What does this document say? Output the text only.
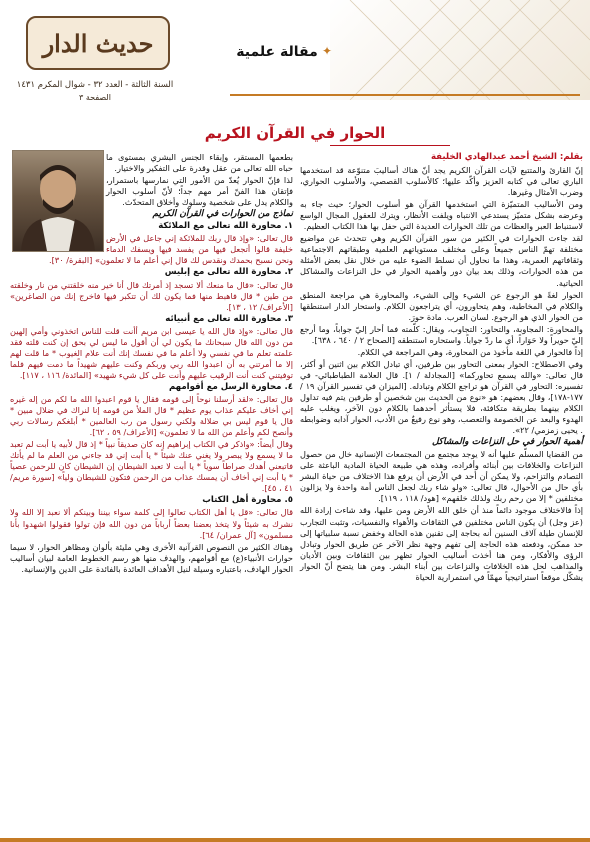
حديث الدار
السنة الثالثة - العدد ٣٢ - شوال المكرم ١٤٣١
الصفحة ٣
مقالة علمية ✦
الحوار في القرآن الكريم

بقلم: الشيخ أحمد عبدالهادي الخليفة

إنّ القارئ والمتتبع لآيات القرآن الكريم يجد أنّ هناك أساليبَ متنوّعة قد استخدمها الباري تعالى في كتابه العزيز وأكّد عليها؛ كالأسلوب القصصي، والأسلوب الحواري، وضرب الأمثال وغيرها.

ومن الأساليب المتميّزة التي استخدمها القرآن هو أسلوب الحوار؛ حيث جاء به وعرضه بشكل متميّز يستدعي الانتباه ويلفت الأنظار، ويترك للعقول المجال الواسع لاستنباط العبر والعظات من تلك الحوارات العديدة التي حفل بها هذا الكتاب العظيم.

لقد جاءت الحوارات في الكثير من سور القرآن الكريم وهي تتحدث عن مواضيع مختلفة تهمّ الناس جميعاً وعلى مختلف مستوياتهم العلمية وطبقاتهم الاجتماعية وثقافاتهم العمرية، وهذا ما نحاول أن نسلط الضوء عليه من خلال نقل بعض الأمثلة من هذه الحوارات، وذلك بعد بيان دور وأهمية الحوار في حل النزاعات والمشاكل الحياتية.

الحوار لغةً هو الرجوع عن الشيء وإلى الشيء، والمحاورة هي مراجعة المنطق والكلام في المخاطبة، وهم يتحاورون، أي يتراجعون الكلام. واستحار الدار استنطقها من الحوار الذي هو الرجوع. لسان العرب. مادة حورَ.

والمحاورة: المجاوبة، والتحاور: التجاوب، ويقال: كلّمته فما أحار إليّ جواباً، وما أرجع إليّ حويراً ولا حَوَاراً، أي ما ردّ جواباً. واستحاره استنطقه [الصحاح ٢ / ٦٤٠ ، ٦٣٨].

إذاً فالحوار في اللغة مأخوذ من المحاورة، وهي المراجعة في الكلام.

وفي الاصطلاح: الحوار بمعنى التحاور بين طرفين، أي تبادل الكلام بين اثنين أو أكثر، قال تعالى: «والله يسمع تحاوركما» [المجادلة / ١]. قال العلامة الطباطبائي- في تفسيره: التحاور في القرآن هو تراجع الكلام وتبادله. [الميزان في تفسير القرآن ١٩ / ١٧٧-١٧٨]، وقال بعضهم: هو «نوع من الحديث بين شخصين أو طرفين يتم فيه تداول الكلام بينهما بطريقة متكافئة، فلا يستأثر أحدهما بالكلام دون الآخر، ويغلب عليه الهدوء والبعد عن الخصومة والتعصب، وهو نوع رفيعٌ من الأدب، الحوار آدابه وضوابطه . يحيى زمزمي/ ٢٢».

أهمية الحوار في حل النزاعات والمشاكل

من القضايا المسلّم عليها أنه لا يوجد مجتمع من المجتمعات الإنسانية خال من حصول النزاعات والخلافات بين أبنائه وأفراده، وهذه هي طبيعة الحياة المادية الباعثة على التصادم والتزاحم، ولا يمكن أن أحد في الأرض أن يرفع هذا الاختلاف من حياة البشر بأي حال من الأحوال، قال تعالى: «ولو شاء ربك لجعل الناس أمة واحدة ولا يزالون مختلفين * إلا من رحم ربك ولذلك خلقهم» [هود/ ١١٨ ، ١١٩].

إذاً فالاختلاف موجود دائماً منذ أن خلق الله الأرض ومن عليها، وقد شاءت إرادة الله (عز وجل) أن يكون الناس مختلفين في الثقافات والأهواء والنفسيات، وتثبت التجارب للإنسان طيلة آلاف السنين أنه بحاجة إلى تقنين هذه الحالة وخفض نسبة سلبياتها إلى حد ممكن، ودفعته هذه الحاجة إلى تفهم وجهة نظر الآخر عن طريق الحوار وتبادل الرؤى والأفكار، ومن هنا أخذت أساليب الحوار تظهر بين الثقافات وبين الأديان والمذاهب لحل هذه الخلافات والنزاعات بين أبناء البشر. ومن هنا يتضح أنّ الحوار يشكّل موقعاً استراتيجياً مهمّاً في استمرارية الحياة

بطعمها المستقر، وإبقاء الجنس البشري بمستوى ما حباه الله تعالى من عقل وقدرة على التفكير والاختيار.

لذا فإنّ الحوار يُعدّ من الأمور التي نمارسها باستمرار، فإتقان هذا الفنّ أمر مهم جداً؛ لأنّ أسلوب الحوار والكلام يدل على شخصية وسلوك وأخلاق المتحدّث.

نماذج من الحوارات في القرآن الكريم

١. محاورة الله تعالى مع الملائكة

قال تعالى: «وإذ قال ربك للملائكة إني جاعل في الأرض خليفة قالوا أتجعل فيها من يفسد فيها ويسفك الدماء ونحن نسبح بحمدك ونقدس لك قال إني أعلم ما لا تعلمون» [البقرة/ ٣٠].

٢. محاورة الله تعالى مع إبليس

قال تعالى: «قال ما منعك ألا تسجد إذ أمرتك قال أنا خير منه خلقتني من نار وخلقته من طين * قال فاهبط منها فما يكون لك أن تتكبر فيها فاخرج إنك من الصاغرين» [الأعراف/ ١٢ ، ١٣].

٣. محاورة الله تعالى مع أنبيائه

قال تعالى: «وإذ قال الله يا عيسى ابن مريم أأنت قلت للناس اتخذوني وأمي إلهين من دون الله قال سبحانك ما يكون لي أن أقول ما ليس لي بحق إن كنت قلته فقد علمته تعلم ما في نفسي ولا أعلم ما في نفسك إنك أنت علام الغيوب * ما قلت لهم إلا ما أمرتني به أن اعبدوا الله ربي وربكم وكنت عليهم شهيداً ما دمت فيهم فلما توفيتني كنت أنت الرقيب عليهم وأنت على كل شيء شهيد» [المائدة/ ١١٦ ، ١١٧].

٤. محاورة الرسل مع أقوامهم

قال تعالى: «لقد أرسلنا نوحاً إلى قومه فقال يا قوم اعبدوا الله ما لكم من إله غيره إني أخاف عليكم عذاب يوم عظيم * قال الملأ من قومه إنا لنراك في ضلال مبين * قال يا قوم ليس بي ضلالة ولكني رسول من رب العالمين * أبلغكم رسالات ربي وأنصح لكم وأعلم من الله ما لا تعلمون» [الأعراف/ ٥٩ ، ٦٢].

وقال أيضاً: «واذكر في الكتاب إبراهيم إنه كان صديقاً نبياً * إذ قال لأبيه يا أبت لم تعبد ما لا يسمع ولا يبصر ولا يغني عنك شيئاً * يا أبت إني قد جاءني من العلم ما لم يأتك فاتبعني أهدك صراطاً سوياً * يا أبت لا تعبد الشيطان إن الشيطان كان للرحمن عصياً * يا أبت إني أخاف أن يمسك عذاب من الرحمن فتكون للشيطان ولياً» [سورة مريم/ ٤١ ، ٤٥].

٥. محاورة أهل الكتاب

قال تعالى: «قل يا أهل الكتاب تعالوا إلى كلمة سواء بيننا وبينكم ألا نعبد إلا الله ولا نشرك به شيئاً ولا يتخذ بعضنا بعضاً أرباباً من دون الله فإن تولوا فقولوا اشهدوا بأنا مسلمون» [آل عمران/ ٦٤].

وهناك الكثير من النصوص القرآنية الأخرى وهي مليئة بألوان ومظاهر الحوار، لا سيما حوارات الأنبياء(ع) مع أقوامهم، والهدف منها هو رسم الخطوط العامة لبيان أساليب الحوار الهادف، باعتباره وسيلة لنيل الأهداف العائدة بالفائدة على الدين والإنسانية.
